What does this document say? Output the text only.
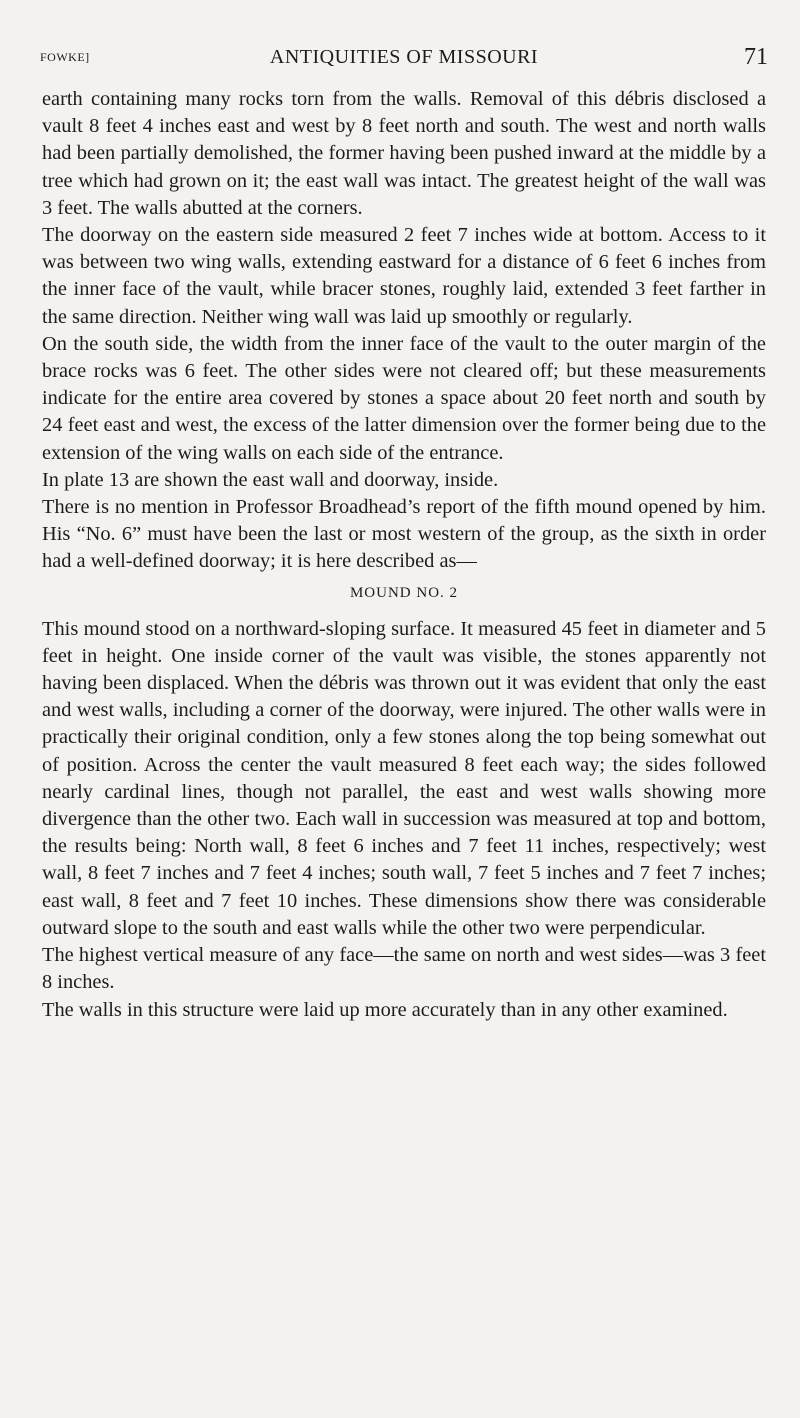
FOWKE]	ANTIQUITIES OF MISSOURI	71

earth containing many rocks torn from the walls. Removal of this débris disclosed a vault 8 feet 4 inches east and west by 8 feet north and south. The west and north walls had been partially demolished, the former having been pushed inward at the middle by a tree which had grown on it; the east wall was intact. The greatest height of the wall was 3 feet. The walls abutted at the corners.

The doorway on the eastern side measured 2 feet 7 inches wide at bottom. Access to it was between two wing walls, extending eastward for a distance of 6 feet 6 inches from the inner face of the vault, while bracer stones, roughly laid, extended 3 feet farther in the same direction. Neither wing wall was laid up smoothly or regularly.

On the south side, the width from the inner face of the vault to the outer margin of the brace rocks was 6 feet. The other sides were not cleared off; but these measurements indicate for the entire area covered by stones a space about 20 feet north and south by 24 feet east and west, the excess of the latter dimension over the former being due to the extension of the wing walls on each side of the entrance.

In plate 13 are shown the east wall and doorway, inside.

There is no mention in Professor Broadhead’s report of the fifth mound opened by him. His “No. 6” must have been the last or most western of the group, as the sixth in order had a well-defined doorway; it is here described as—

MOUND NO. 2

This mound stood on a northward-sloping surface. It measured 45 feet in diameter and 5 feet in height. One inside corner of the vault was visible, the stones apparently not having been displaced. When the débris was thrown out it was evident that only the east and west walls, including a corner of the doorway, were injured. The other walls were in practically their original condition, only a few stones along the top being somewhat out of position. Across the center the vault measured 8 feet each way; the sides followed nearly cardinal lines, though not parallel, the east and west walls showing more divergence than the other two. Each wall in succession was measured at top and bottom, the results being: North wall, 8 feet 6 inches and 7 feet 11 inches, respectively; west wall, 8 feet 7 inches and 7 feet 4 inches; south wall, 7 feet 5 inches and 7 feet 7 inches; east wall, 8 feet and 7 feet 10 inches. These dimensions show there was considerable outward slope to the south and east walls while the other two were perpendicular.

The highest vertical measure of any face—the same on north and west sides—was 3 feet 8 inches.

The walls in this structure were laid up more accurately than in any other examined.
